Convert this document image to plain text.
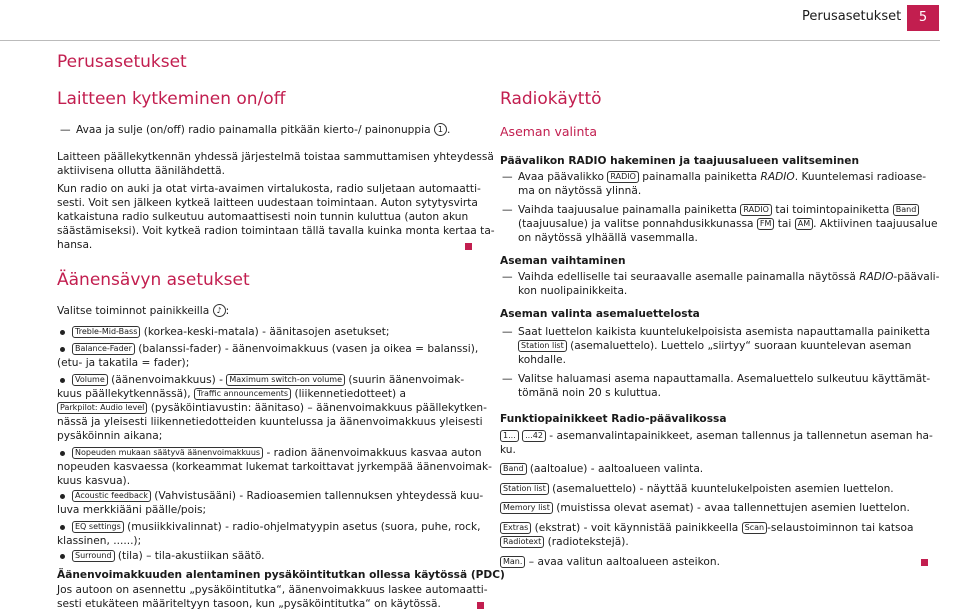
Perusasetukset	5
Perusasetukset
Laitteen kytkeminen on/off
— Avaa ja sulje (on/off) radio painamalla pitkään kierto-/ painonuppia 1 .
Laitteen päällekytkennän yhdessä järjestelmä toistaa sammuttamisen yhteydessä
aktiivisena ollutta äänilähdettä.
Kun radio on auki ja otat virta-avaimen virtalukosta, radio suljetaan automaatti-
sesti. Voit sen jälkeen kytkeä laitteen uudestaan toimintaan. Auton sytytysvirta
katkaistuna radio sulkeutuu automaattisesti noin tunnin kuluttua (auton akun
säästämiseksi). Voit kytkeä radion toimintaan tällä tavalla kuinka monta kertaa ta-
hansa.
Äänensävyn asetukset
Valitse toiminnot painikkeilla ♪ :
Treble-Mid-Bass (korkea-keski-matala) - äänitasojen asetukset;
Balance-Fader (balanssi-fader) - äänenvoimakkuus (vasen ja oikea = balanssi),
(etu- ja takatila = fader);
Volume (äänenvoimakkuus) - Maximum switch-on volume (suurin äänenvoimak-
kuus päällekytkennässä), Traffic announcements (liikennetiedotteet) a
Parkpilot: Audio level (pysäköintiavustin: äänitaso) – äänenvoimakkuus päällekytken-
nässä ja yleisesti liikennetiedotteiden kuuntelussa ja äänenvoimakkuus yleisesti
pysäköinnin aikana;
Nopeuden mukaan säätyvä äänenvoimakkuus - radion äänenvoimakkuus kasvaa auton
nopeuden kasvaessa (korkeammat lukemat tarkoittavat jyrkempää äänenvoimak-
kuus kasvua).
Acoustic feedback (Vahvistusääni) - Radioasemien tallennuksen yhteydessä kuu-
luva merkkiääni päälle/pois;
EQ settings (musiikkivalinnat) - radio-ohjelmatyypin asetus (suora, puhe, rock,
klassinen, ......);
Surround (tila) – tila-akustiikan säätö.
Äänenvoimakkuuden alentaminen pysäköintitutkan ollessa käytössä (PDC)
Jos autoon on asennettu „pysäköintitutka“, äänenvoimakkuus laskee automaatti-
sesti etukäteen määriteltyyn tasoon, kun „pysäköintitutka“ on käytössä.
Radiokäyttö
Aseman valinta
Päävalikon RADIO hakeminen ja taajuusalueen valitseminen
— Avaa päävalikko RADIO painamalla painiketta RADIO. Kuuntelemasi radioase-
ma on näytössä ylinnä.
— Vaihda taajuusalue painamalla painiketta RADIO tai toimintopainiketta Band
(taajuusalue) ja valitse ponnahdusikkunassa FM tai AM . Aktiivinen taajuusalue
on näytössä ylhäällä vasemmalla.
Aseman vaihtaminen
— Vaihda edelliselle tai seuraavalle asemalle painamalla näytössä RADIO-päävali-
kon nuolipainikkeita.
Aseman valinta asemaluettelosta
— Saat luettelon kaikista kuuntelukelpoisista asemista napauttamalla painiketta
Station list (asemaluettelo). Luettelo „siirtyy“ suoraan kuuntelevan aseman
kohdalle.
— Valitse haluamasi asema napauttamalla. Asemaluettelo sulkeutuu käyttämät-
tömänä noin 20 s kuluttua.
Funktiopainikkeet Radio-päävalikossa
1... ...42 - asemanvalintapainikkeet, aseman tallennus ja tallennetun aseman ha-
ku.
Band (aaltoalue) - aaltoalueen valinta.
Station list (asemaluettelo) - näyttää kuuntelukelpoisten asemien luettelon.
Memory list (muistissa olevat asemat) - avaa tallennettujen asemien luettelon.
Extras (ekstrat) - voit käynnistää painikkeella Scan -selaustoiminnon tai katsoa
Radiotext (radiotekstejä).
Man. – avaa valitun aaltoalueen asteikon.
